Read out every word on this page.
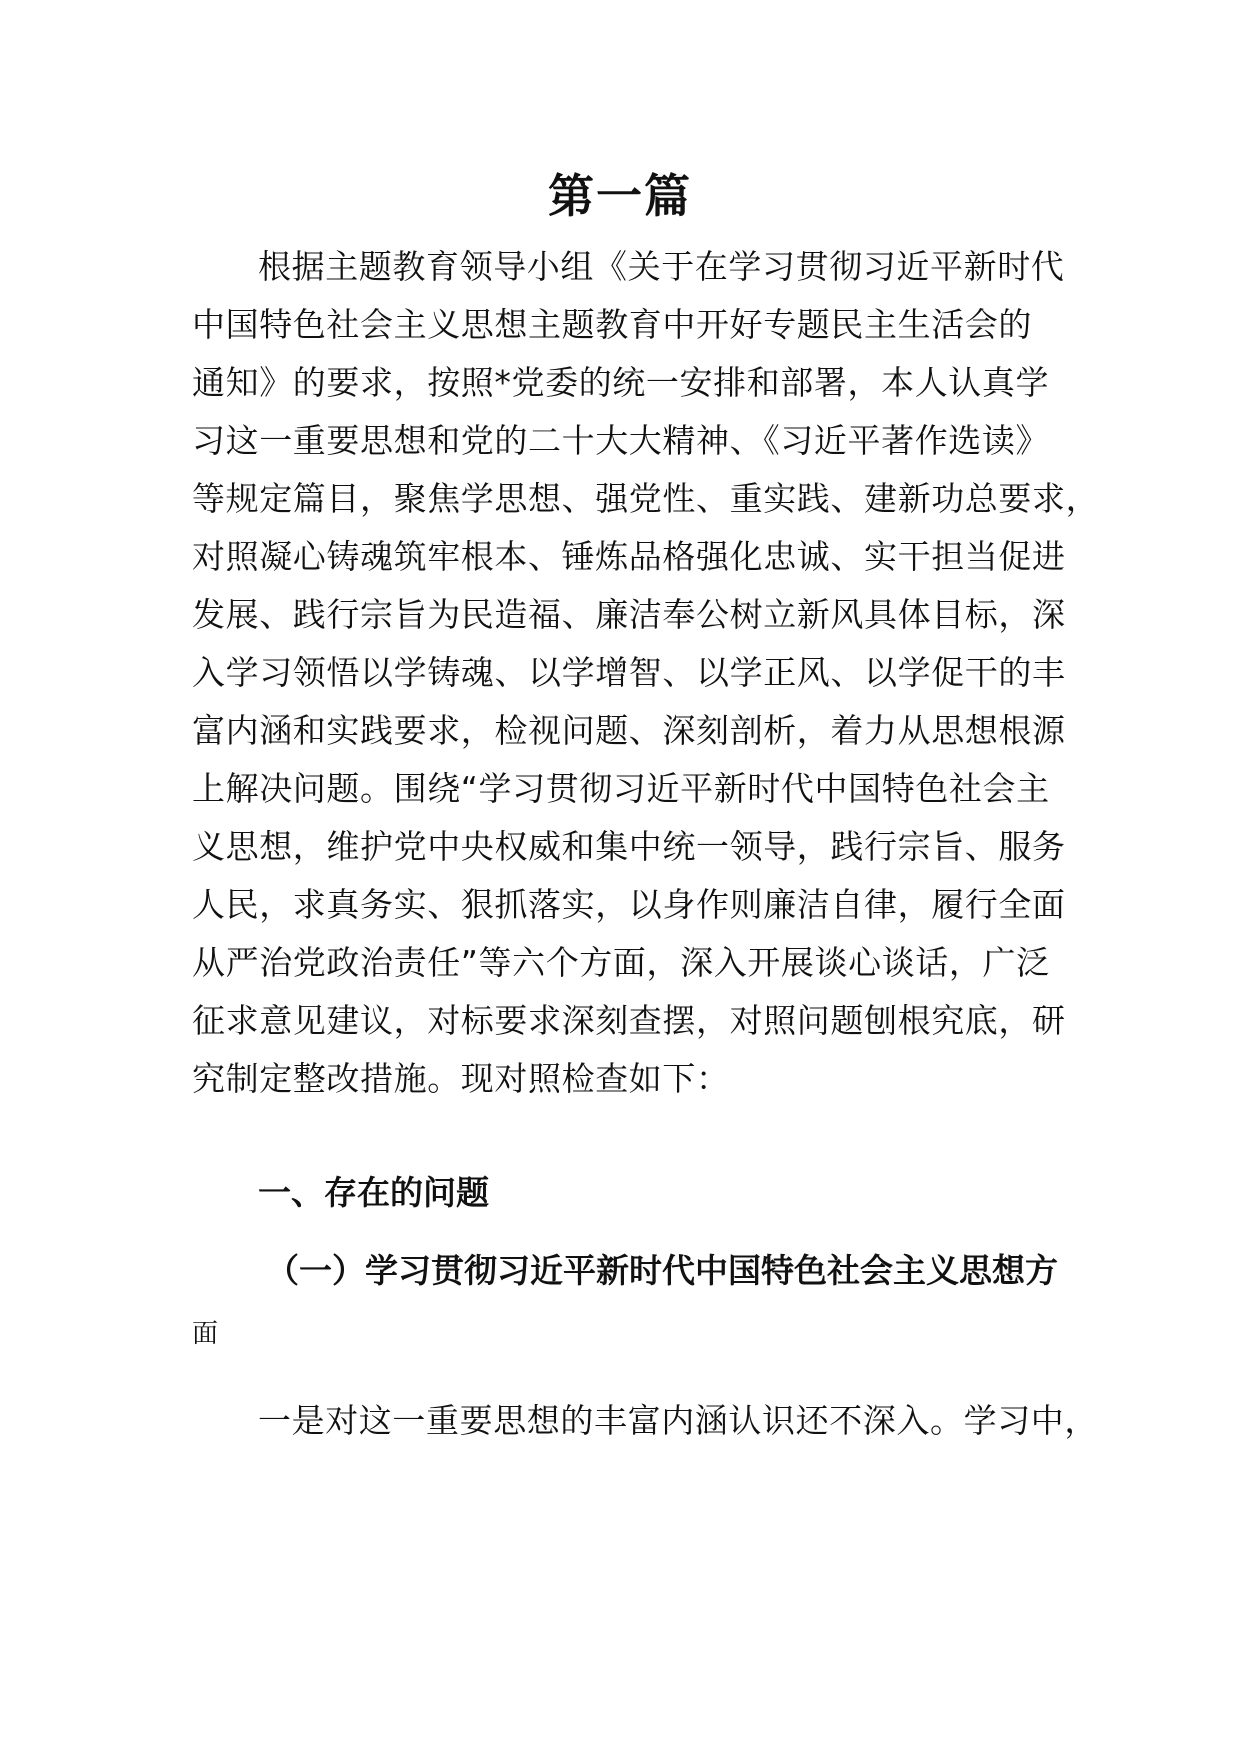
第一篇
根据主题教育领导小组《关于在学习贯彻习近平新时代
中国特色社会主义思想主题教育中开好专题民主生活会的
通知》的要求，按照*党委的统一安排和部署，本人认真学
习这一重要思想和党的二十大大精神、《习近平著作选读》
等规定篇目，聚焦学思想、强党性、重实践、建新功总要求，
对照凝心铸魂筑牢根本、锤炼品格强化忠诚、实干担当促进
发展、践行宗旨为民造福、廉洁奉公树立新风具体目标，深
入学习领悟以学铸魂、以学增智、以学正风、以学促干的丰
富内涵和实践要求，检视问题、深刻剖析，着力从思想根源
上解决问题。围绕“学习贯彻习近平新时代中国特色社会主
义思想，维护党中央权威和集中统一领导，践行宗旨、服务
人民，求真务实、狠抓落实，以身作则廉洁自律，履行全面
从严治党政治责任”等六个方面，深入开展谈心谈话，广泛
征求意见建议，对标要求深刻查摆，对照问题刨根究底，研
究制定整改措施。现对照检查如下：
一、存在的问题
（一）学习贯彻习近平新时代中国特色社会主义思想方
面
一是对这一重要思想的丰富内涵认识还不深入。学习中，
